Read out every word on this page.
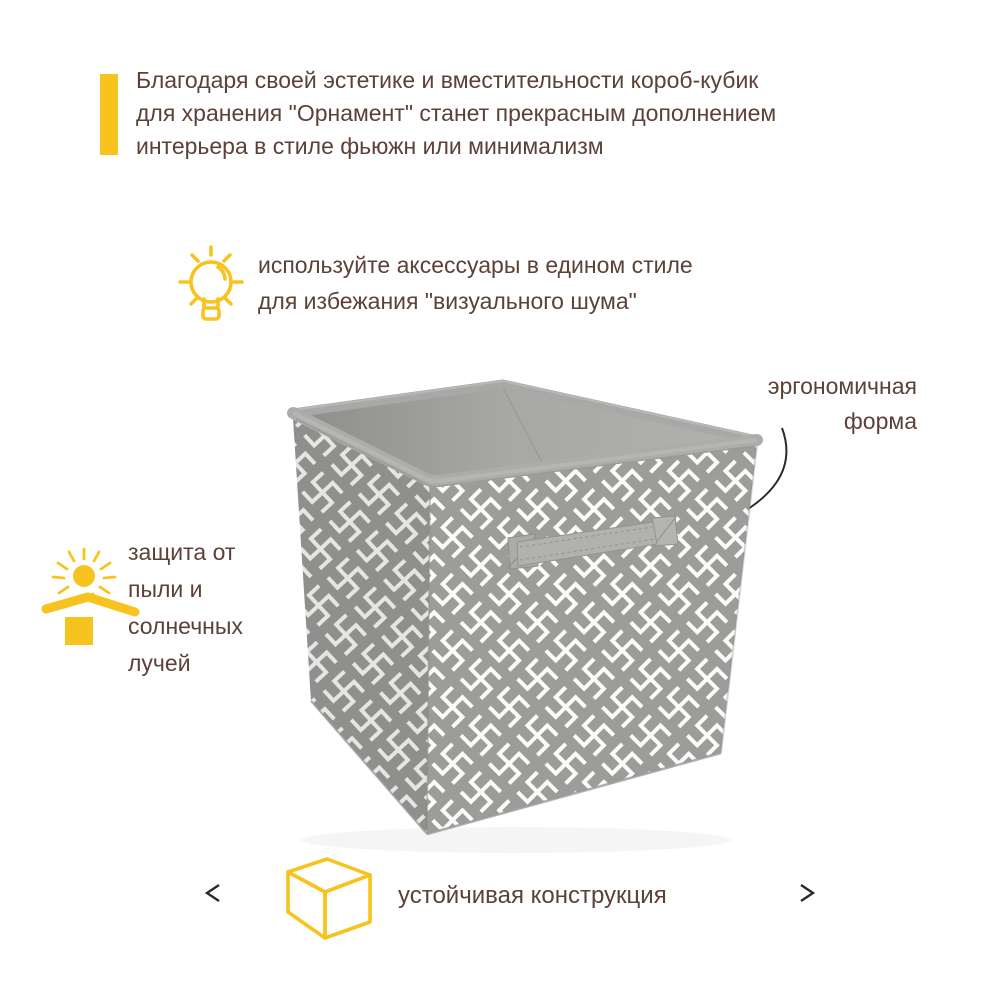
Благодаря своей эстетике и вместительности короб-кубик
для хранения "Орнамент" станет прекрасным дополнением
интерьера в стиле фьюжн или минимализм
используйте аксессуары в едином стиле
для избежания "визуального шума"
эргономичная
форма
защита от
пыли и
солнечных
лучей
устойчивая конструкция
